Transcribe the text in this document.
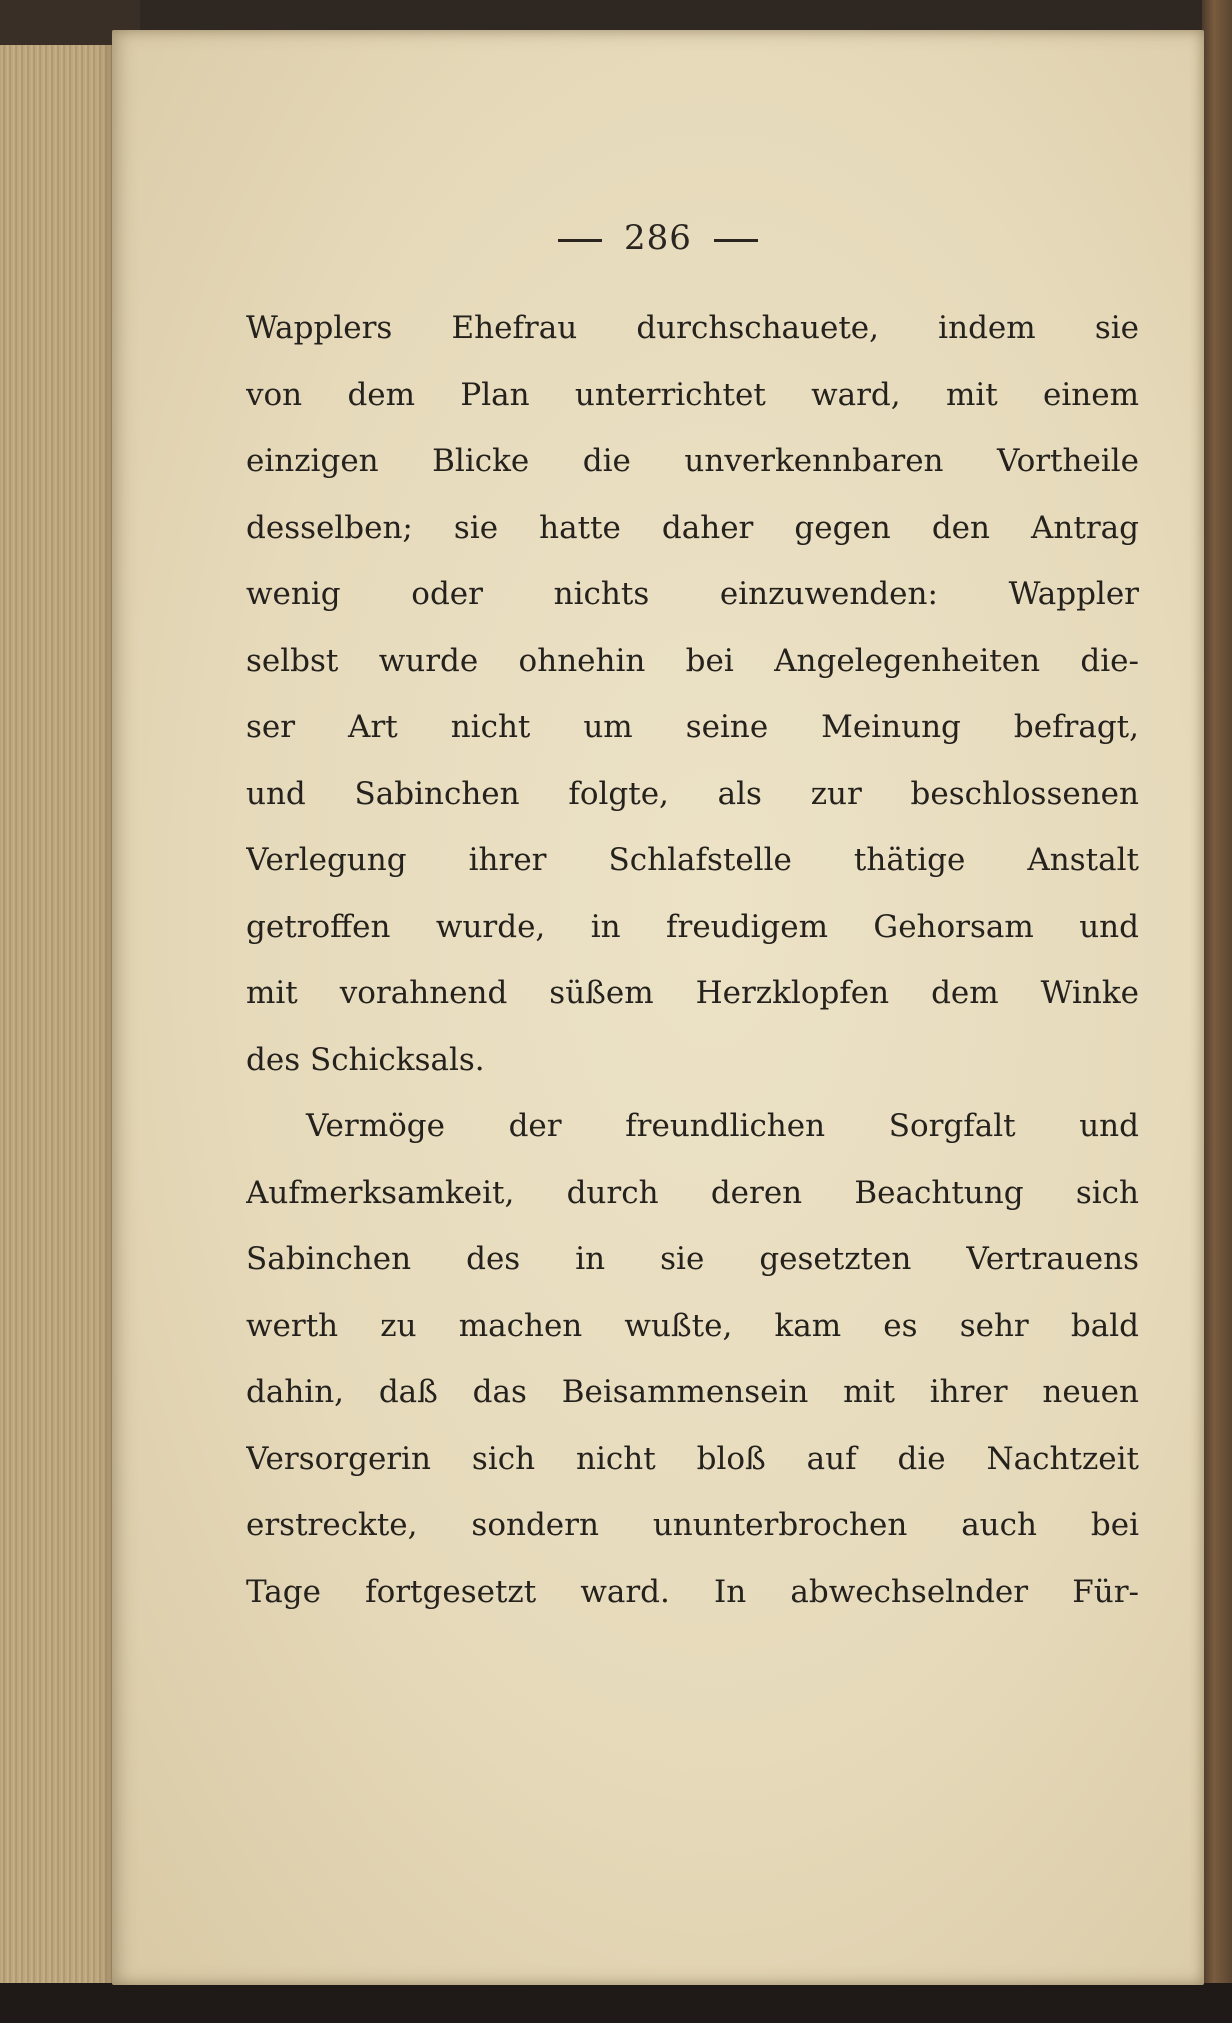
286
Wapplers Ehefrau durchschauete, indem sie
von dem Plan unterrichtet ward, mit einem
einzigen Blicke die unverkennbaren Vortheile
desselben; sie hatte daher gegen den Antrag
wenig oder nichts einzuwenden: Wappler
selbst wurde ohnehin bei Angelegenheiten die-
ser Art nicht um seine Meinung befragt,
und Sabinchen folgte, als zur beschlossenen
Verlegung ihrer Schlafstelle thätige Anstalt
getroffen wurde, in freudigem Gehorsam und
mit vorahnend süßem Herzklopfen dem Winke
des Schicksals.
Vermöge der freundlichen Sorgfalt und
Aufmerksamkeit, durch deren Beachtung sich
Sabinchen des in sie gesetzten Vertrauens
werth zu machen wußte, kam es sehr bald
dahin, daß das Beisammensein mit ihrer neuen
Versorgerin sich nicht bloß auf die Nachtzeit
erstreckte, sondern ununterbrochen auch bei
Tage fortgesetzt ward. In abwechselnder Für-
